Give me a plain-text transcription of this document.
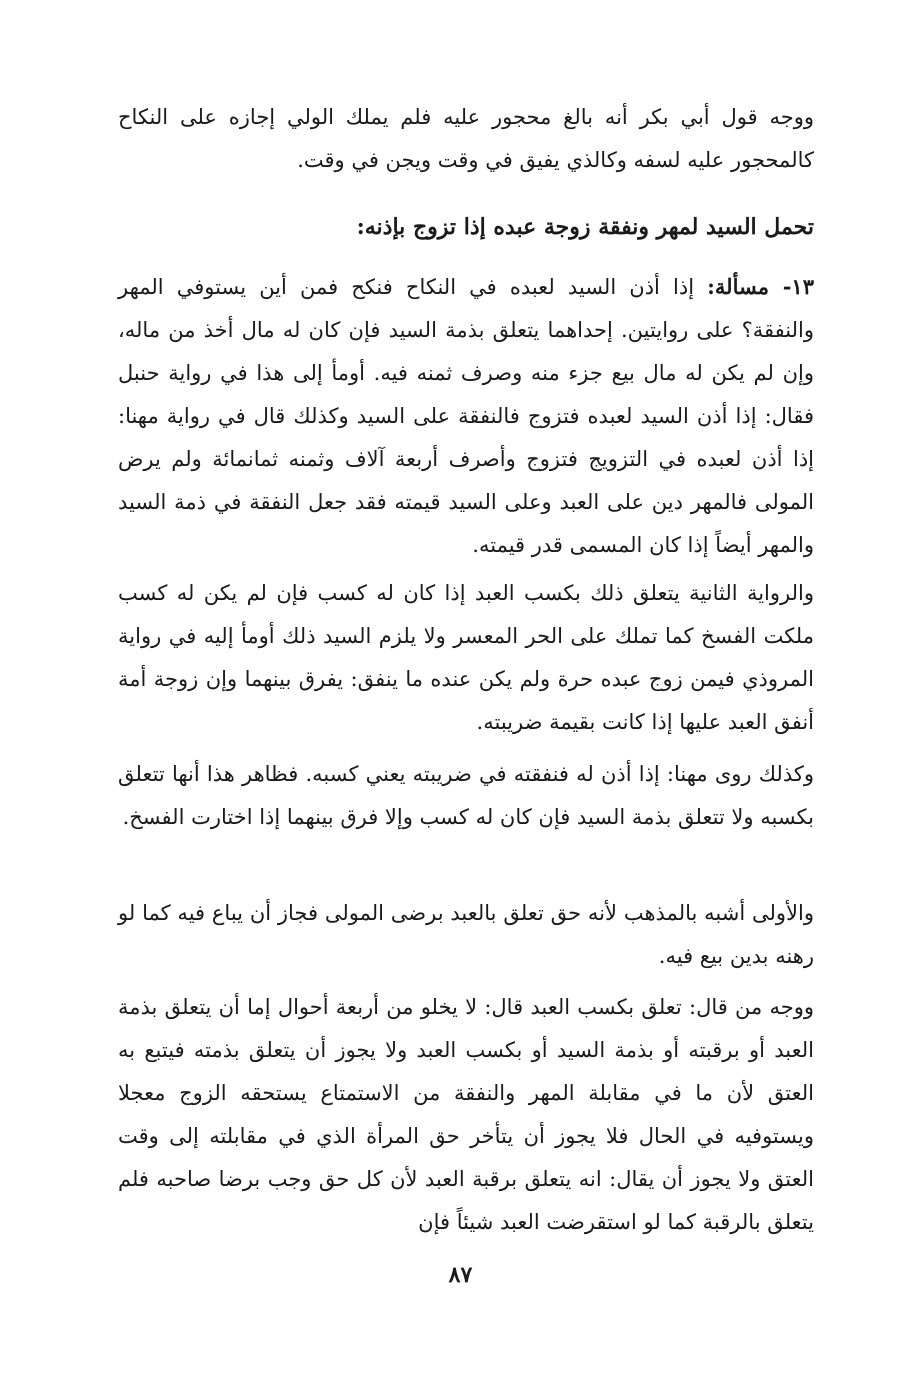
ووجه قول أبي بكر أنه بالغ محجور عليه فلم يملك الولي إجازه على النكاح كالمحجور عليه لسفه وكالذي يفيق في وقت ويجن في وقت.

تحمل السيد لمهر ونفقة زوجة عبده إذا تزوج بإذنه:

١٣- مسألة: إذا أذن السيد لعبده في النكاح فنكح فمن أين يستوفي المهر والنفقة؟ على روايتين. إحداهما يتعلق بذمة السيد فإن كان له مال أخذ من ماله، وإن لم يكن له مال بيع جزء منه وصرف ثمنه فيه. أومأ إلى هذا في رواية حنبل فقال: إذا أذن السيد لعبده فتزوج فالنفقة على السيد وكذلك قال في رواية مهنا: إذا أذن لعبده في التزويج فتزوج وأصرف أربعة آلاف وثمنه ثمانمائة ولم يرض المولى فالمهر دين على العبد وعلى السيد قيمته فقد جعل النفقة في ذمة السيد والمهر أيضاً إذا كان المسمى قدر قيمته.

والرواية الثانية يتعلق ذلك بكسب العبد إذا كان له كسب فإن لم يكن له كسب ملكت الفسخ كما تملك على الحر المعسر ولا يلزم السيد ذلك أومأ إليه في رواية المروذي فيمن زوج عبده حرة ولم يكن عنده ما ينفق: يفرق بينهما وإن زوجة أمة أنفق العبد عليها إذا كانت بقيمة ضريبته.

وكذلك روى مهنا: إذا أذن له فنفقته في ضريبته يعني كسبه. فظاهر هذا أنها تتعلق بكسبه ولا تتعلق بذمة السيد فإن كان له كسب وإلا فرق بينهما إذا اختارت الفسخ.

والأولى أشبه بالمذهب لأنه حق تعلق بالعبد برضى المولى فجاز أن يباع فيه كما لو رهنه بدين بيع فيه.

ووجه من قال: تعلق بكسب العبد قال: لا يخلو من أربعة أحوال إما أن يتعلق بذمة العبد أو برقبته أو بذمة السيد أو بكسب العبد ولا يجوز أن يتعلق بذمته فيتبع به العتق لأن ما في مقابلة المهر والنفقة من الاستمتاع يستحقه الزوج معجلا ويستوفيه في الحال فلا يجوز أن يتأخر حق المرأة الذي في مقابلته إلى وقت العتق ولا يجوز أن يقال: انه يتعلق برقبة العبد لأن كل حق وجب برضا صاحبه فلم يتعلق بالرقبة كما لو استقرضت العبد شيئاً فإن

٨٧
